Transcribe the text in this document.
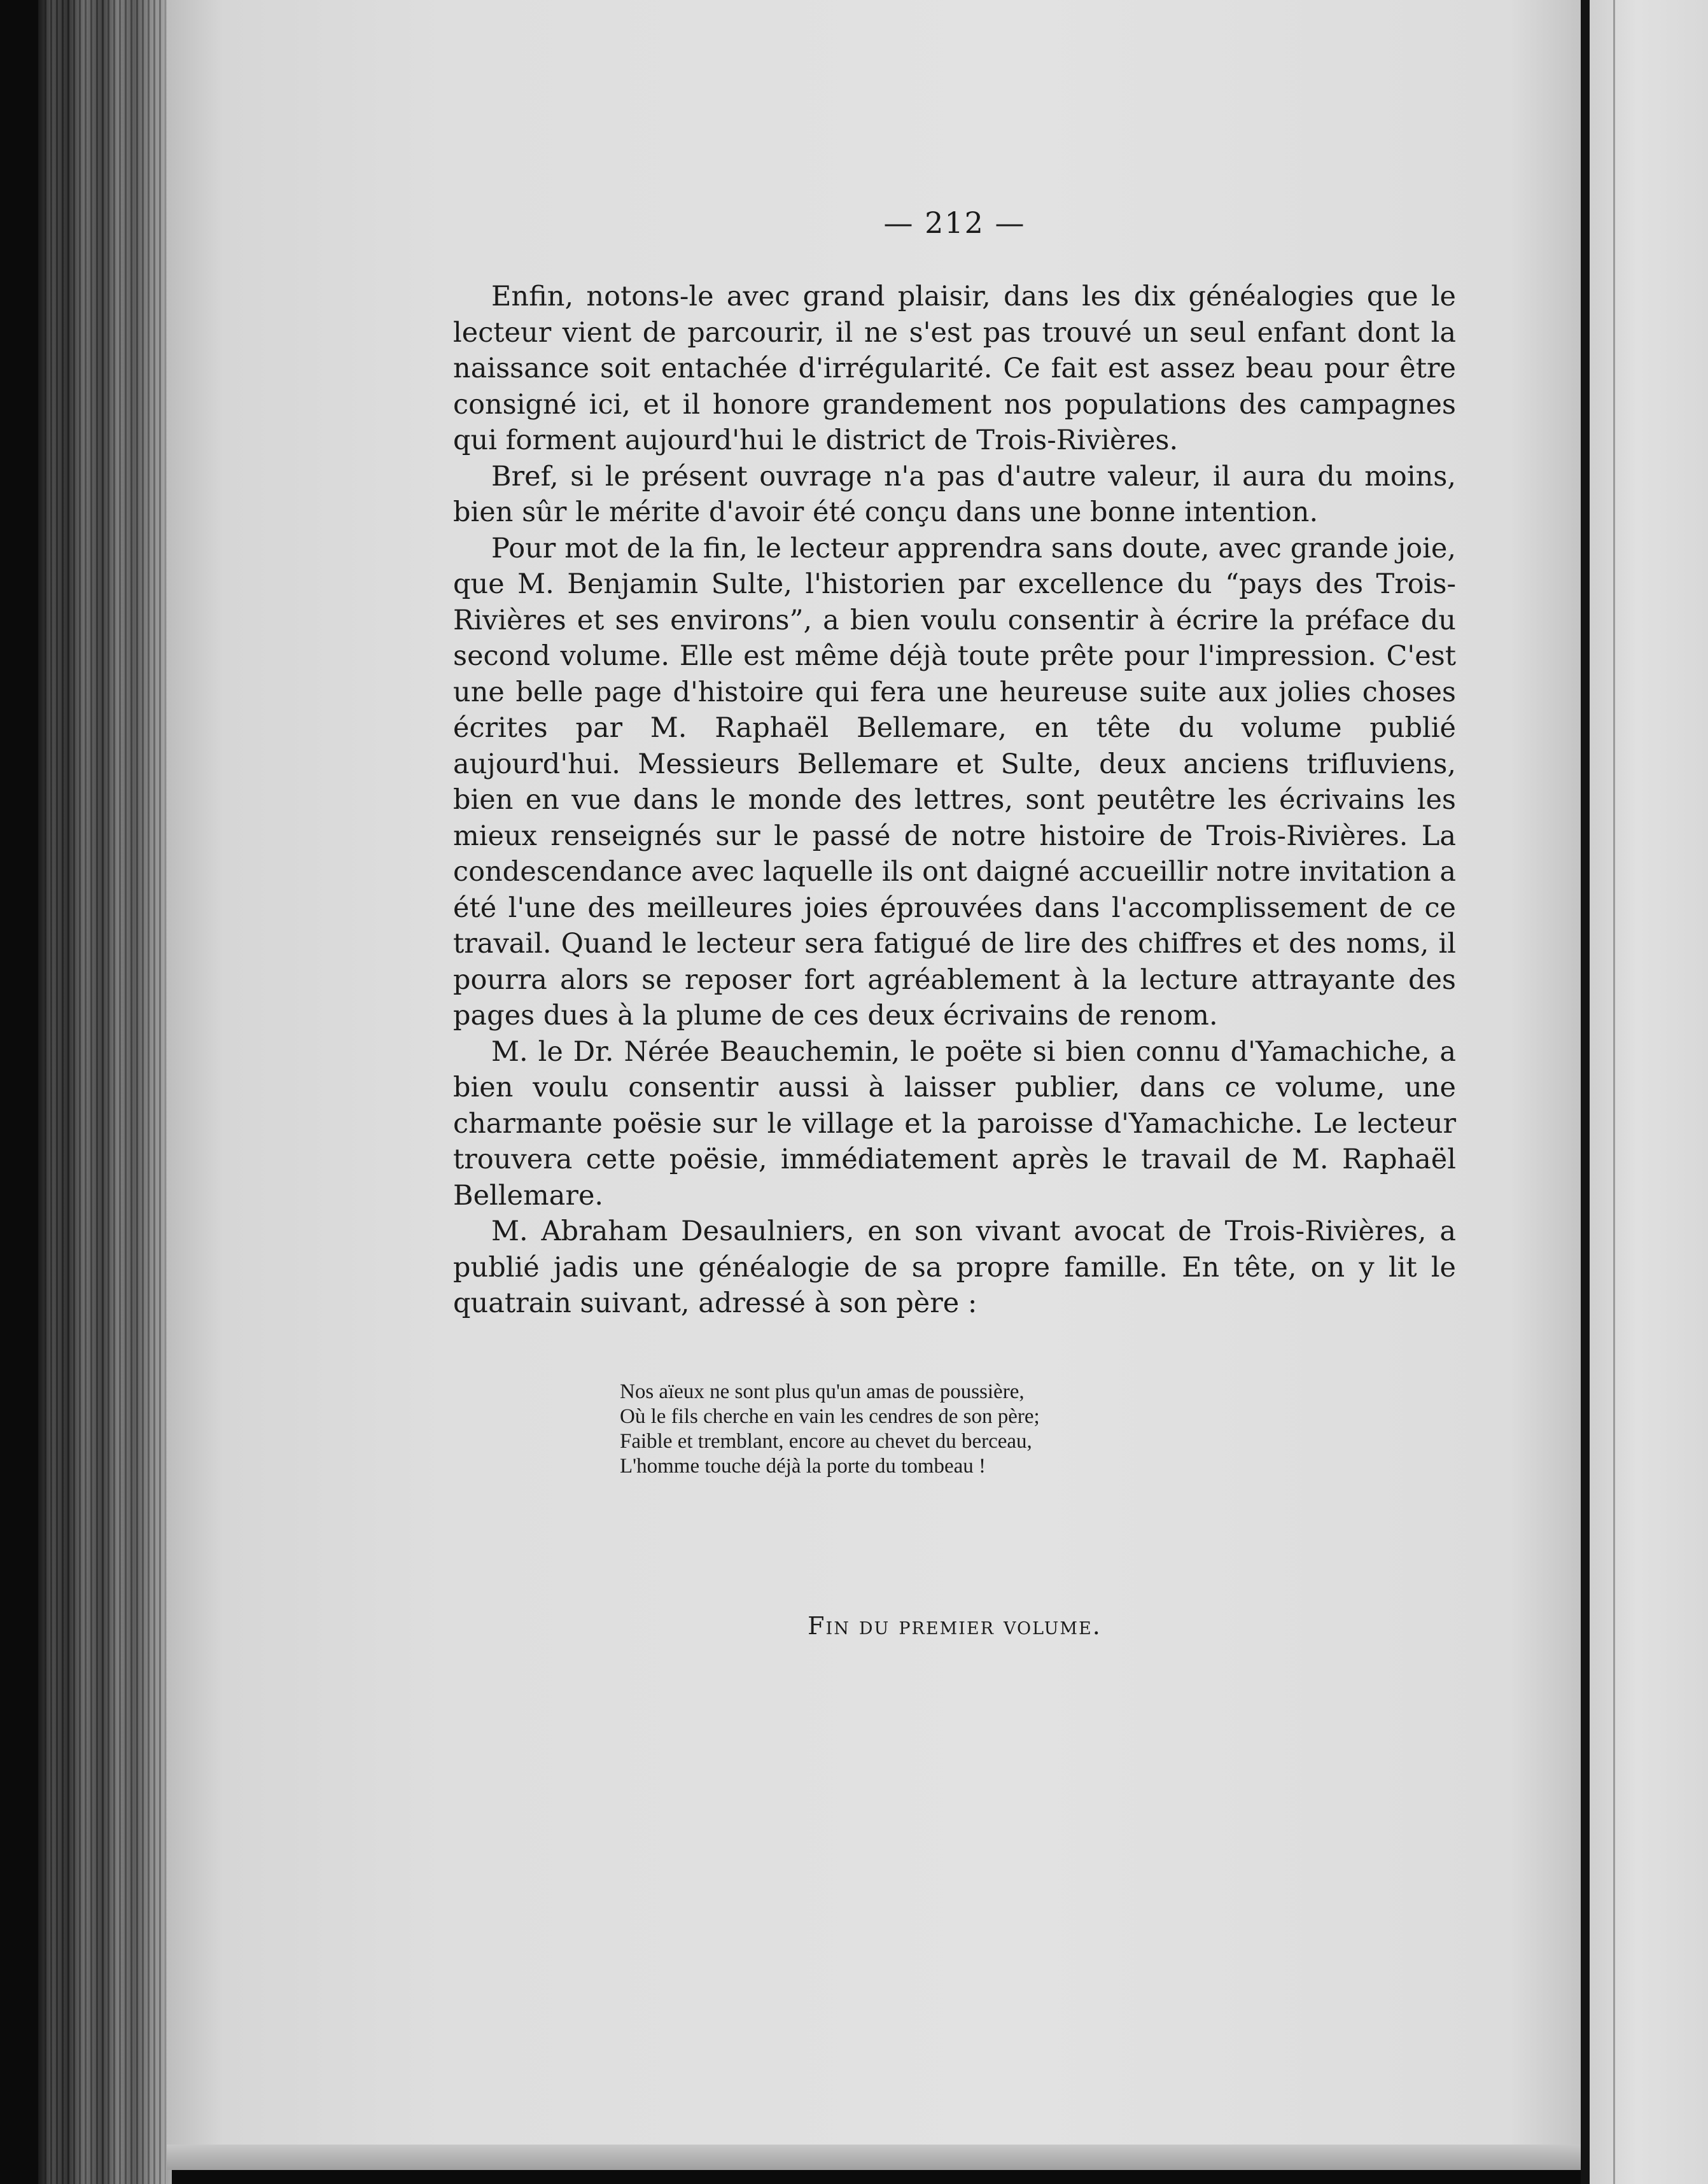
— 212 —

Enfin, notons-le avec grand plaisir, dans les dix généalogies que le lecteur vient de parcourir, il ne s'est pas trouvé un seul enfant dont la naissance soit entachée d'irrégularité. Ce fait est assez beau pour être consigné ici, et il honore grandement nos populations des campagnes qui forment aujourd'hui le district de Trois-Rivières.

Bref, si le présent ouvrage n'a pas d'autre valeur, il aura du moins, bien sûr le mérite d'avoir été conçu dans une bonne intention.

Pour mot de la fin, le lecteur apprendra sans doute, avec grande joie, que M. Benjamin Sulte, l'historien par excellence du “pays des Trois-Rivières et ses environs”, a bien voulu consentir à écrire la préface du second volume. Elle est même déjà toute prête pour l'impression. C'est une belle page d'histoire qui fera une heureuse suite aux jolies choses écrites par M. Raphaël Bellemare, en tête du volume publié aujourd'hui. Messieurs Bellemare et Sulte, deux anciens trifluviens, bien en vue dans le monde des lettres, sont peutêtre les écrivains les mieux renseignés sur le passé de notre histoire de Trois-Rivières. La condescendance avec laquelle ils ont daigné accueillir notre invitation a été l'une des meilleures joies éprouvées dans l'accomplissement de ce travail. Quand le lecteur sera fatigué de lire des chiffres et des noms, il pourra alors se reposer fort agréablement à la lecture attrayante des pages dues à la plume de ces deux écrivains de renom.

M. le Dr. Nérée Beauchemin, le poëte si bien connu d'Yamachiche, a bien voulu consentir aussi à laisser publier, dans ce volume, une charmante poësie sur le village et la paroisse d'Yamachiche. Le lecteur trouvera cette poësie, immédiatement après le travail de M. Raphaël Bellemare.

M. Abraham Desaulniers, en son vivant avocat de Trois-Rivières, a publié jadis une généalogie de sa propre famille. En tête, on y lit le quatrain suivant, adressé à son père :

Nos aïeux ne sont plus qu'un amas de poussière,
Où le fils cherche en vain les cendres de son père;
Faible et tremblant, encore au chevet du berceau,
L'homme touche déjà la porte du tombeau !
Fin du premier volume.
